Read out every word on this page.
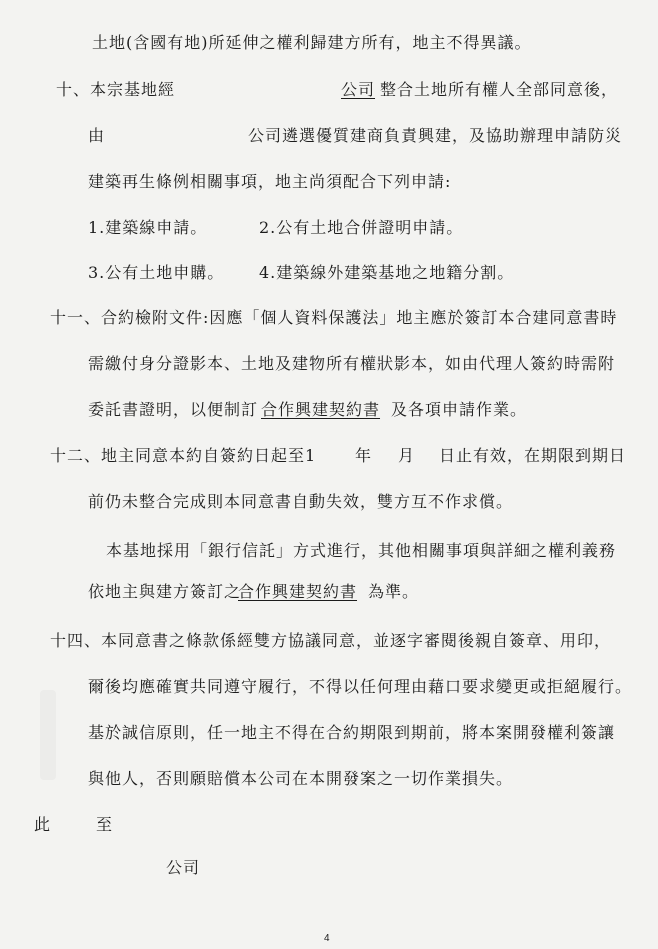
土地(含國有地)所延伸之權利歸建方所有，地主不得異議。
十、本宗基地經	公司 整合土地所有權人全部同意後，
由	公司遴選優質建商負責興建，及協助辦理申請防災
建築再生條例相關事項，地主尚須配合下列申請:
1.建築線申請。	2.公有土地合併證明申請。
3.公有土地申購。 4.建築線外建築基地之地籍分割。
十一、合約檢附文件:因應「個人資料保護法」地主應於簽訂本合建同意書時
需繳付身分證影本、土地及建物所有權狀影本，如由代理人簽約時需附
委託書證明，以便制訂 合作興建契約書 及各項申請作業。
十二、地主同意本約自簽約日起至1 年 月 日止有效，在期限到期日
前仍未整合完成則本同意書自動失效，雙方互不作求償。
本基地採用「銀行信託」方式進行，其他相關事項與詳細之權利義務
依地主與建方簽訂之
合作興建契約書 為準。
十四、本同意書之條款係經雙方協議同意，並逐字審閱後親自簽章、用印，
爾後均應確實共同遵守履行，不得以任何理由藉口要求變更或拒絕履行。
基於誠信原則，任一地主不得在合約期限到期前，將本案開發權利簽讓
與他人，否則願賠償本公司在本開發案之一切作業損失。
此	至
公司
4
